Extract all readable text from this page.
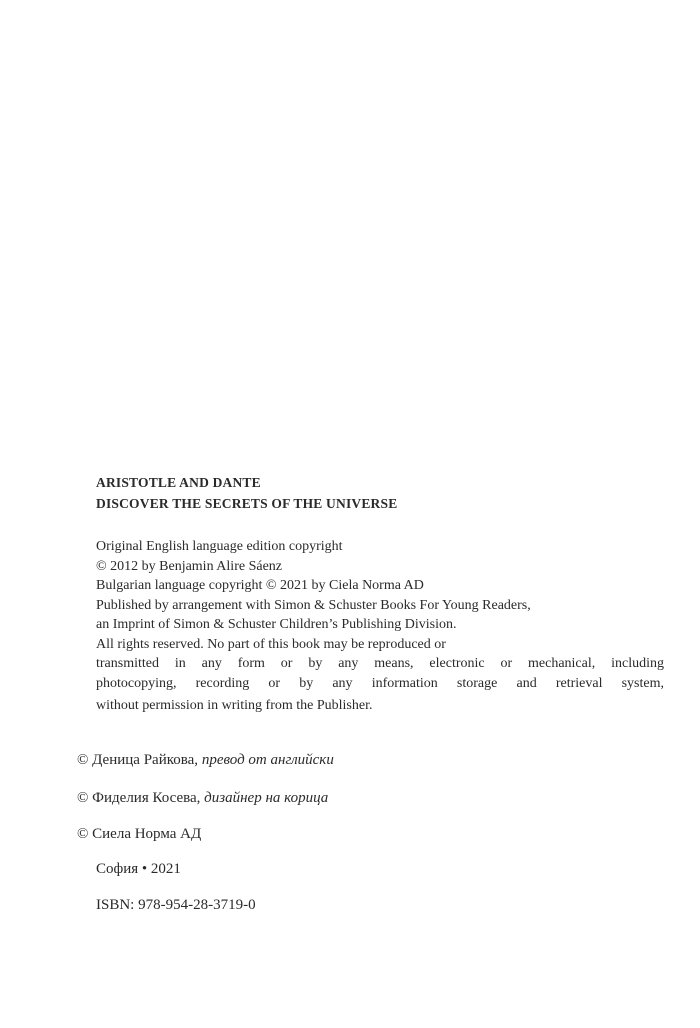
ARISTOTLE AND DANTE
DISCOVER THE SECRETS OF THE UNIVERSE
Original English language edition copyright
© 2012 by Benjamin Alire Sáenz
Bulgarian language copyright © 2021 by Ciela Norma AD
Published by arrangement with Simon & Schuster Books For Young Readers,
an Imprint of Simon & Schuster Children’s Publishing Division.
All rights reserved. No part of this book may be reproduced or
transmitted in any form or by any means, electronic or mechanical, including
photocopying, recording or by any information storage and retrieval system,
without permission in writing from the Publisher.
© Деница Райкова, превод от английски
© Фиделия Косева, дизайнер на корица
© Сиела Норма АД
София • 2021
ISBN: 978-954-28-3719-0
